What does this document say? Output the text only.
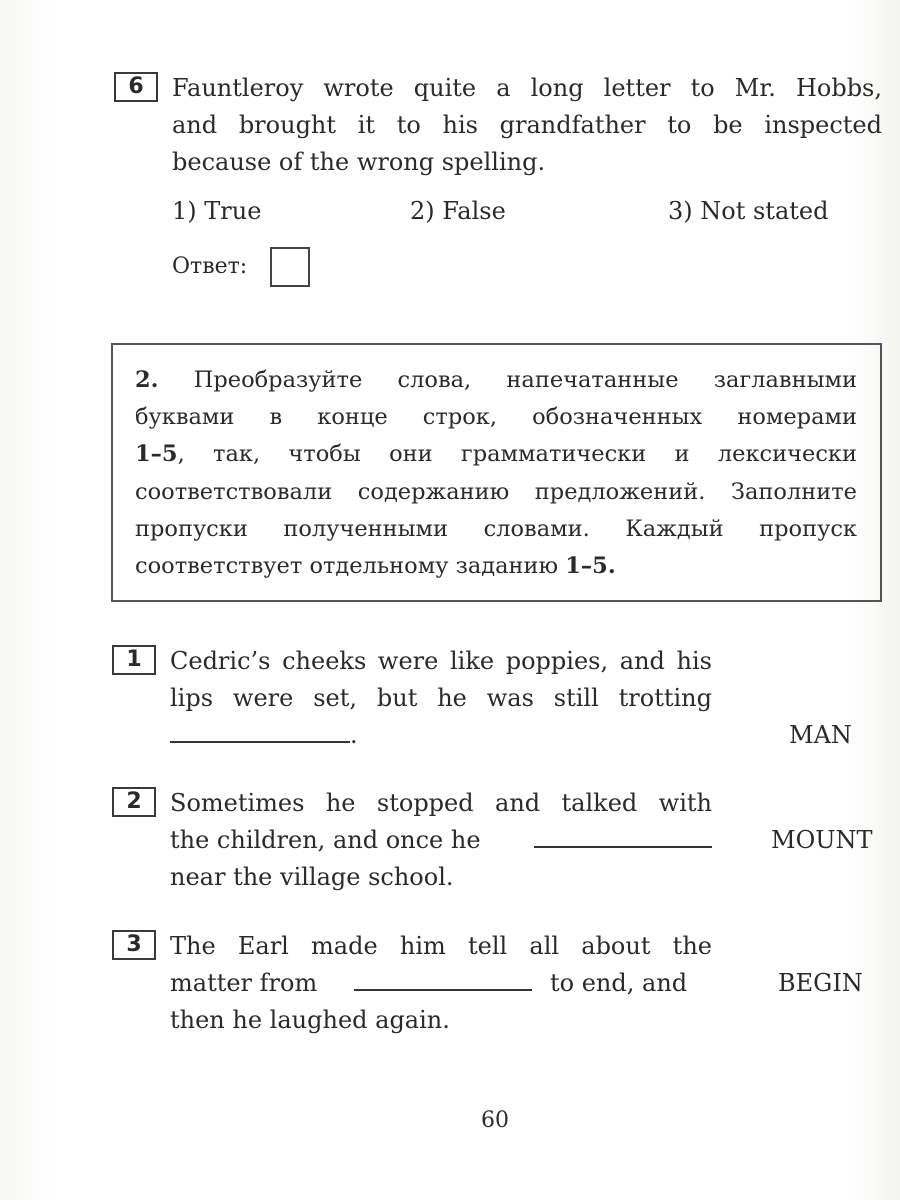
6	Fauntleroy wrote quite a long letter to Mr. Hobbs,
and brought it to his grandfather to be inspected
because of the wrong spelling.
1) True	2) False	3) Not stated
Ответ:
2. Преобразуйте слова, напечатанные заглавными
буквами в конце строк, обозначенных номерами
1–5, так, чтобы они грамматически и лексически
соответствовали содержанию предложений. Заполните
пропуски полученными словами. Каждый пропуск
соответствует отдельному заданию 1–5.
1	Cedric’s cheeks were like poppies, and his
lips were set, but he was still trotting
.	MAN
2	Sometimes he stopped and talked with
the children, and once he	MOUNT
near the village school.
3	The Earl made him tell all about the
matter from	to end, and	BEGIN
then he laughed again.
60
